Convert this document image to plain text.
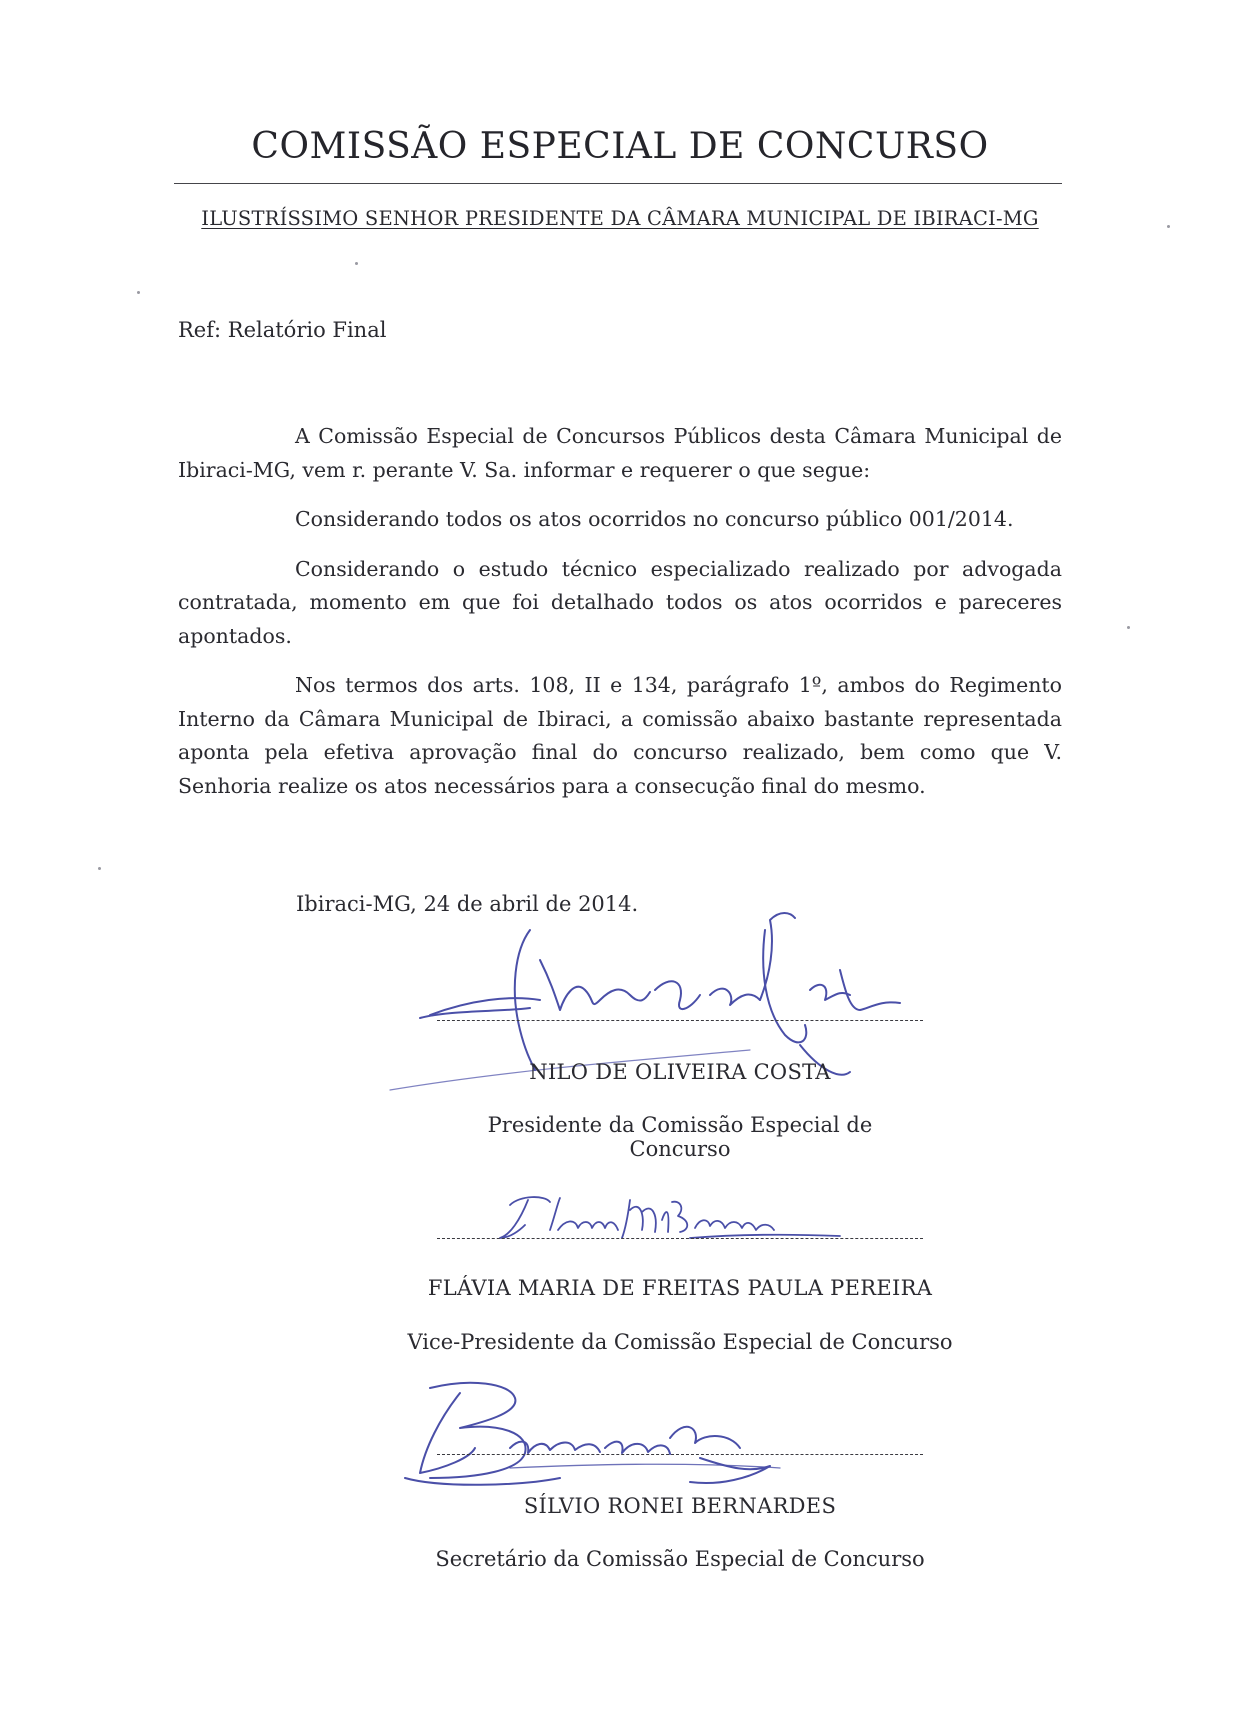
COMISSÃO ESPECIAL DE CONCURSO
ILUSTRÍSSIMO SENHOR PRESIDENTE DA CÂMARA MUNICIPAL DE IBIRACI-MG
Ref: Relatório Final

A Comissão Especial de Concursos Públicos desta Câmara Municipal de Ibiraci-MG, vem r. perante V. Sa. informar e requerer o que segue:

Considerando todos os atos ocorridos no concurso público 001/2014.

Considerando o estudo técnico especializado realizado por advogada contratada, momento em que foi detalhado todos os atos ocorridos e pareceres apontados.

Nos termos dos arts. 108, II e 134, parágrafo 1º, ambos do Regimento Interno da Câmara Municipal de Ibiraci, a comissão abaixo bastante representada aponta pela efetiva aprovação final do concurso realizado, bem como que V. Senhoria realize os atos necessários para a consecução final do mesmo.

Ibiraci-MG, 24 de abril de 2014.
NILO DE OLIVEIRA COSTA
Presidente da Comissão Especial de Concurso
FLÁVIA MARIA DE FREITAS PAULA PEREIRA
Vice-Presidente da Comissão Especial de Concurso
SÍLVIO RONEI BERNARDES
Secretário da Comissão Especial de Concurso
